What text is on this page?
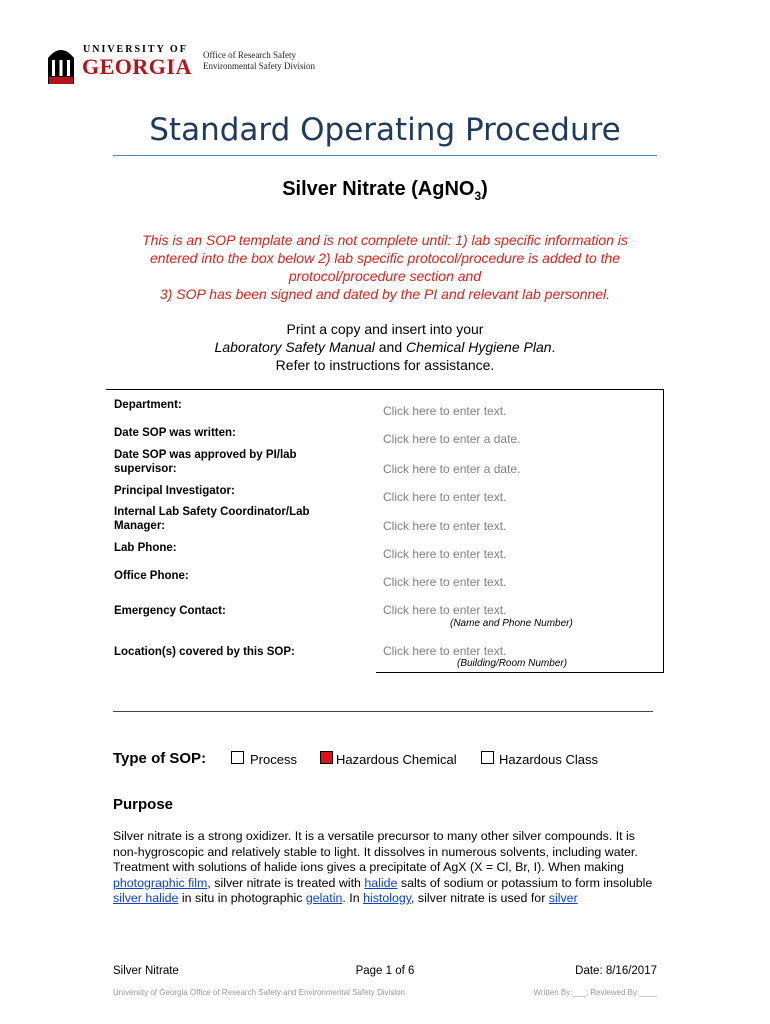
UNIVERSITY OF
GEORGIA Office of Research Safety
Environmental Safety Division
Standard Operating Procedure
Silver Nitrate (AgNO$_3$)
This is an SOP template and is not complete until: 1) lab specific information is
entered into the box below 2) lab specific protocol/procedure is added to the
protocol/procedure section and
3) SOP has been signed and dated by the PI and relevant lab personnel.
Print a copy and insert into your
Laboratory Safety Manual and Chemical Hygiene Plan.
Refer to instructions for assistance.
Department:	Click here to enter text.
Date SOP was written:	Click here to enter a date.
Date SOP was approved by PI/lab supervisor:	Click here to enter a date.
Principal Investigator:	Click here to enter text.
Internal Lab Safety Coordinator/Lab Manager:	Click here to enter text.
Lab Phone:	Click here to enter text.
Office Phone:	Click here to enter text.
Emergency Contact:	Click here to enter text.
(Name and Phone Number)
Location(s) covered by this SOP:	Click here to enter text.
(Building/Room Number)
Type of SOP:	Process	Hazardous Chemical	Hazardous Class
Purpose
Silver nitrate is a strong oxidizer. It is a versatile precursor to many other silver compounds. It is non-hygroscopic and relatively stable to light. It dissolves in numerous solvents, including water. Treatment with solutions of halide ions gives a precipitate of AgX (X = Cl, Br, I). When making photographic film, silver nitrate is treated with halide salts of sodium or potassium to form insoluble silver halide in situ in photographic gelatin. In histology, silver nitrate is used for silver
Silver Nitrate	Page 1 of 6	Date: 8/16/2017
University of Georgia Office of Research Safety and Environmental Safety Division	Written By:___; Reviewed By:____
